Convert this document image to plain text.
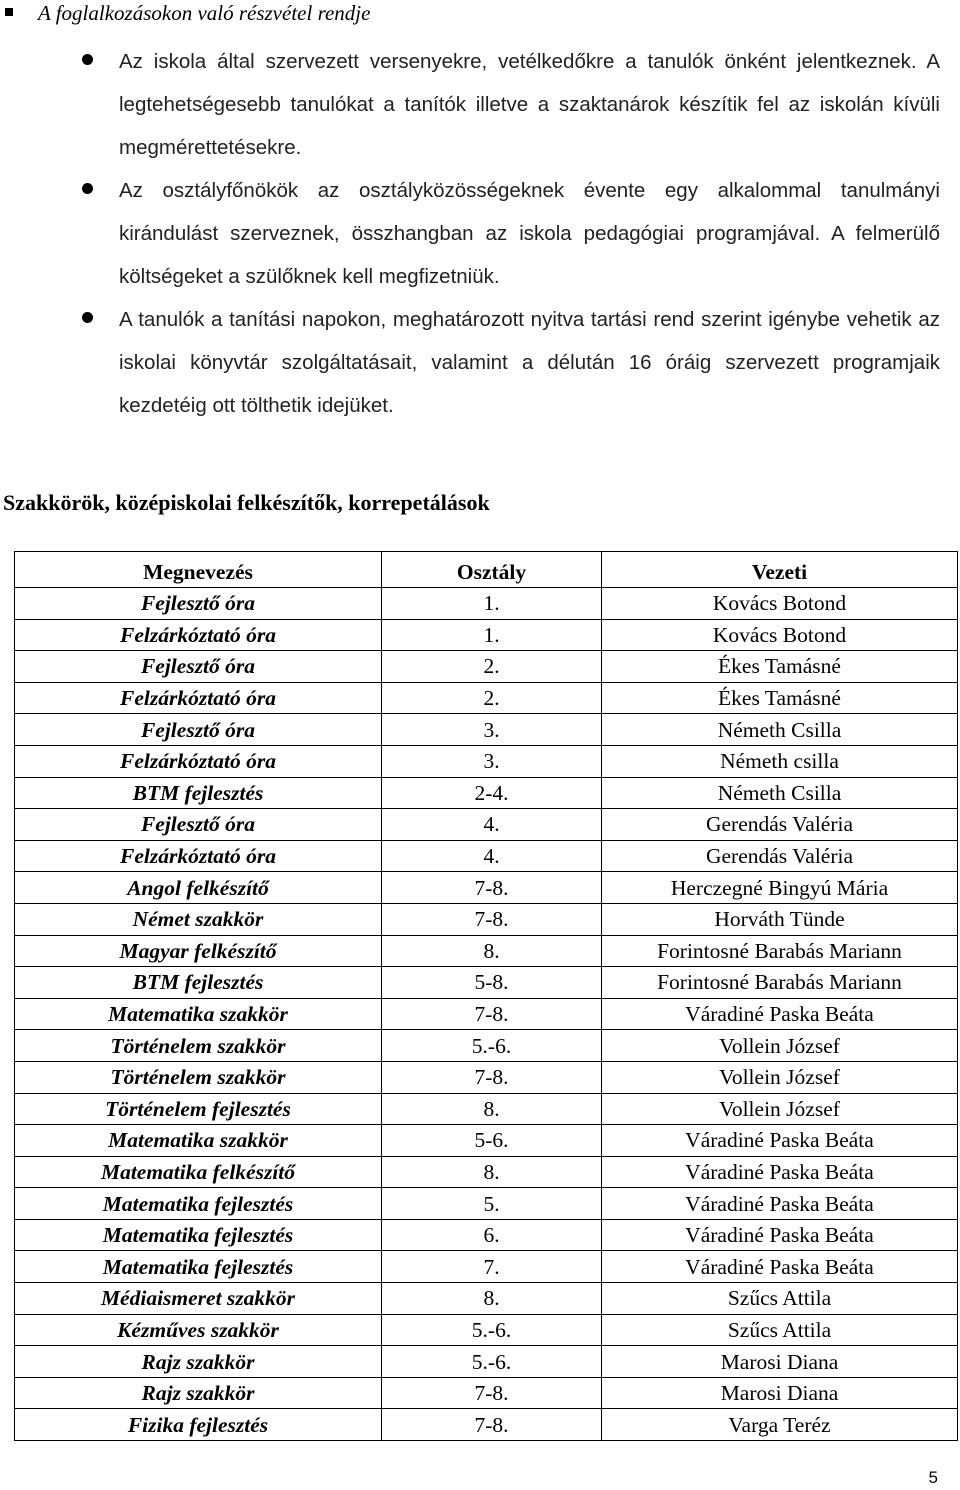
A foglalkozásokon való részvétel rendje
Az iskola által szervezett versenyekre, vetélkedőkre a tanulók önként jelentkeznek. A legtehetségesebb tanulókat a tanítók illetve a szaktanárok készítik fel az iskolán kívüli megmérettetésekre.
Az osztályfőnökök az osztályközösségeknek évente egy alkalommal tanulmányi kirándulást szerveznek, összhangban az iskola pedagógiai programjával. A felmerülő költségeket a szülőknek kell megfizetniük.
A tanulók a tanítási napokon, meghatározott nyitva tartási rend szerint igénybe vehetik az iskolai könyvtár szolgáltatásait, valamint a délután 16 óráig szervezett programjaik kezdetéig ott tölthetik idejüket.
Szakkörök, középiskolai felkészítők, korrepetálások
Megnevezés	Osztály	Vezeti
Fejlesztő óra	1.	Kovács Botond
Felzárkóztató óra	1.	Kovács Botond
Fejlesztő óra	2.	Ékes Tamásné
Felzárkóztató óra	2.	Ékes Tamásné
Fejlesztő óra	3.	Németh Csilla
Felzárkóztató óra	3.	Németh csilla
BTM fejlesztés	2-4.	Németh Csilla
Fejlesztő óra	4.	Gerendás Valéria
Felzárkóztató óra	4.	Gerendás Valéria
Angol felkészítő	7-8.	Herczegné Bingyú Mária
Német szakkör	7-8.	Horváth Tünde
Magyar felkészítő	8.	Forintosné Barabás Mariann
BTM fejlesztés	5-8.	Forintosné Barabás Mariann
Matematika szakkör	7-8.	Váradiné Paska Beáta
Történelem szakkör	5.-6.	Vollein József
Történelem szakkör	7-8.	Vollein József
Történelem fejlesztés	8.	Vollein József
Matematika szakkör	5-6.	Váradiné Paska Beáta
Matematika felkészítő	8.	Váradiné Paska Beáta
Matematika fejlesztés	5.	Váradiné Paska Beáta
Matematika fejlesztés	6.	Váradiné Paska Beáta
Matematika fejlesztés	7.	Váradiné Paska Beáta
Médiaismeret szakkör	8.	Szűcs Attila
Kézműves szakkör	5.-6.	Szűcs Attila
Rajz szakkör	5.-6.	Marosi Diana
Rajz szakkör	7-8.	Marosi Diana
Fizika fejlesztés	7-8.	Varga Teréz
5
